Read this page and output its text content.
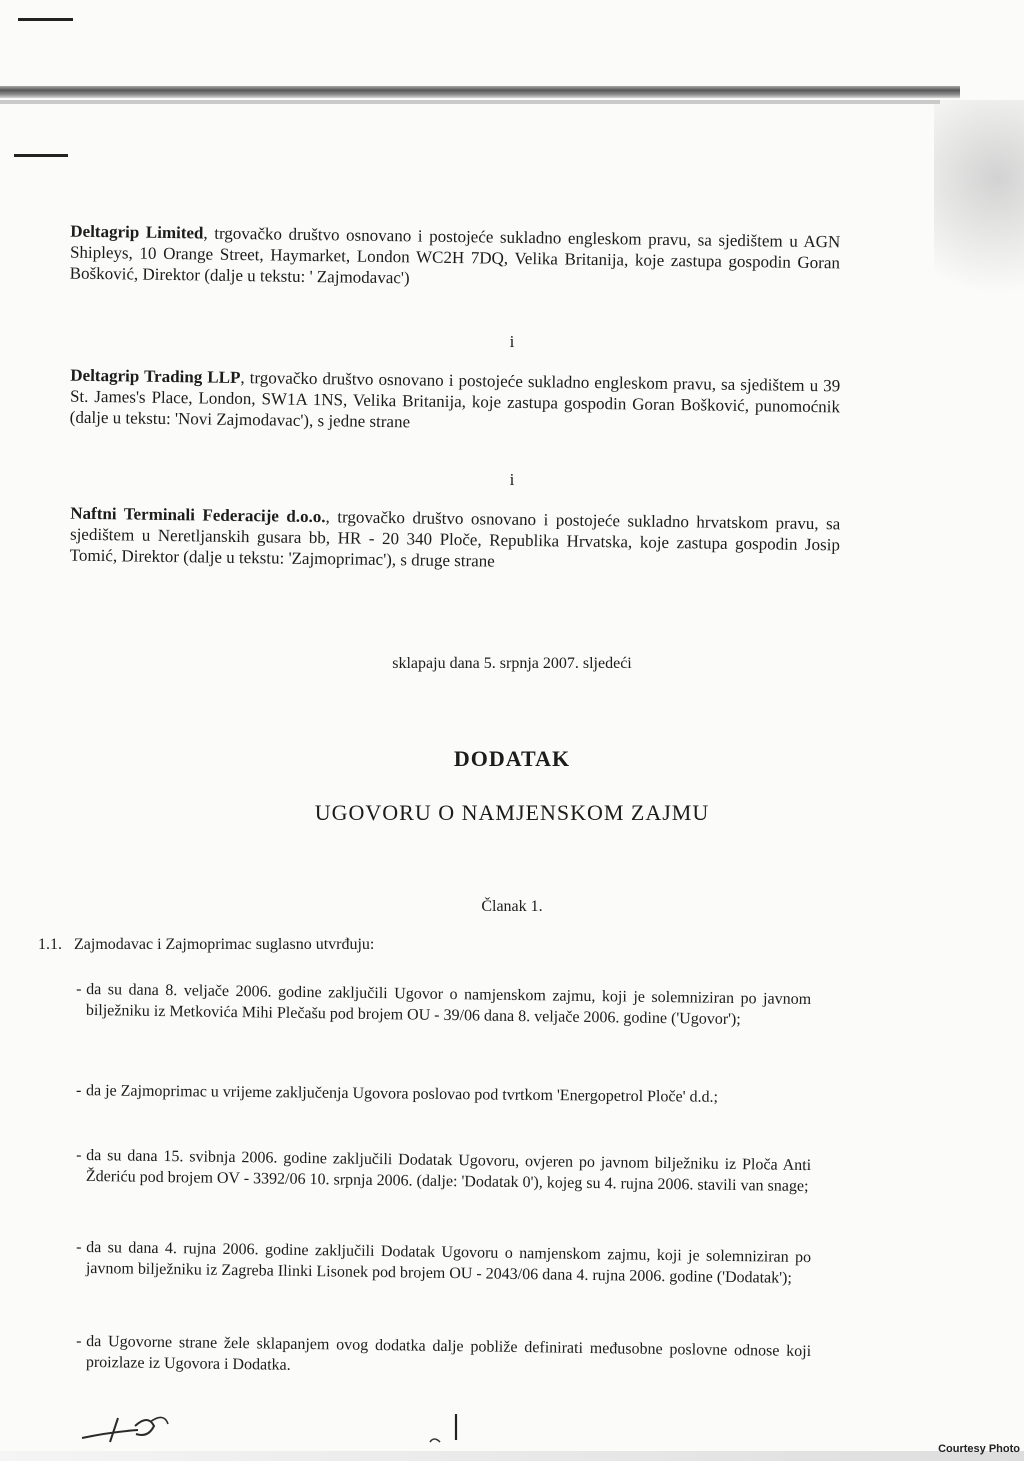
Deltagrip Limited, trgovačko društvo osnovano i postojeće sukladno engleskom pravu, sa sjedištem u AGN Shipleys, 10 Orange Street, Haymarket, London WC2H 7DQ, Velika Britanija, koje zastupa gospodin Goran Bošković, Direktor (dalje u tekstu: ' Zajmodavac')
i
Deltagrip Trading LLP, trgovačko društvo osnovano i postojeće sukladno engleskom pravu, sa sjedištem u 39 St. James's Place, London, SW1A 1NS, Velika Britanija, koje zastupa gospodin Goran Bošković, punomoćnik (dalje u tekstu: 'Novi Zajmodavac'), s jedne strane
i
Naftni Terminali Federacije d.o.o., trgovačko društvo osnovano i postojeće sukladno hrvatskom pravu, sa sjedištem u Neretljanskih gusara bb, HR - 20 340 Ploče, Republika Hrvatska, koje zastupa gospodin Josip Tomić, Direktor (dalje u tekstu: 'Zajmoprimac'), s druge strane
sklapaju dana 5. srpnja 2007. sljedeći
DODATAK
UGOVORU O NAMJENSKOM ZAJMU
Članak 1.
1.1. Zajmodavac i Zajmoprimac suglasno utvrđuju:
- da su dana 8. veljače 2006. godine zaključili Ugovor o namjenskom zajmu, koji je solemniziran po javnom bilježniku iz Metkovića Mihi Plečašu pod brojem OU - 39/06 dana 8. veljače 2006. godine ('Ugovor');
- da je Zajmoprimac u vrijeme zaključenja Ugovora poslovao pod tvrtkom 'Energopetrol Ploče' d.d.;
- da su dana 15. svibnja 2006. godine zaključili Dodatak Ugovoru, ovjeren po javnom bilježniku iz Ploča Anti Žderiću pod brojem OV - 3392/06 10. srpnja 2006. (dalje: 'Dodatak 0'), kojeg su 4. rujna 2006. stavili van snage;
- da su dana 4. rujna 2006. godine zaključili Dodatak Ugovoru o namjenskom zajmu, koji je solemniziran po javnom bilježniku iz Zagreba Ilinki Lisonek pod brojem OU - 2043/06 dana 4. rujna 2006. godine ('Dodatak');
- da Ugovorne strane žele sklapanjem ovog dodatka dalje pobliže definirati međusobne poslovne odnose koji proizlaze iz Ugovora i Dodatka.
Courtesy Photo
